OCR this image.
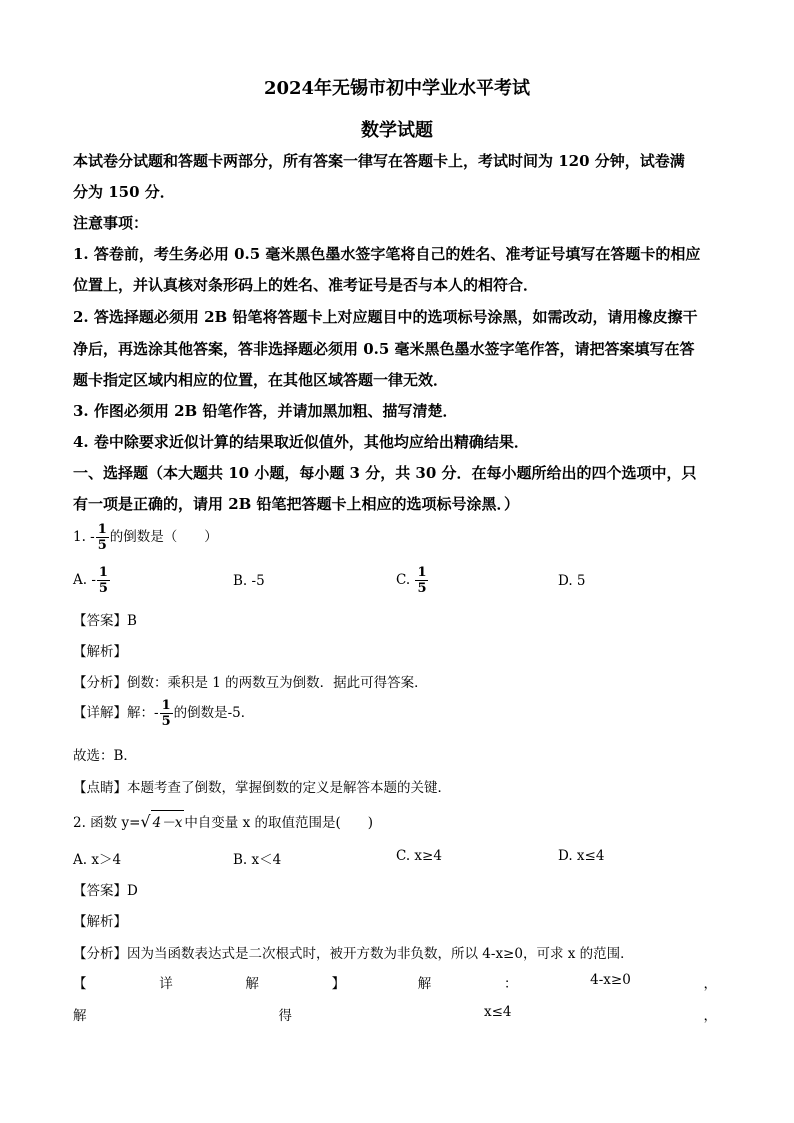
2024年无锡市初中学业水平考试
数学试题
本试卷分试题和答题卡两部分，所有答案一律写在答题卡上，考试时间为 120 分钟，试卷满
分为 150 分．
注意事项：
1. 答卷前，考生务必用 0.5 毫米黑色墨水签字笔将自己的姓名、准考证号填写在答题卡的相应
位置上，并认真核对条形码上的姓名、准考证号是否与本人的相符合．
2. 答选择题必须用 2B 铅笔将答题卡上对应题目中的选项标号涂黑，如需改动，请用橡皮擦干
净后，再选涂其他答案，答非选择题必须用 0.5 毫米黑色墨水签字笔作答，请把答案填写在答
题卡指定区域内相应的位置，在其他区域答题一律无效．
3. 作图必须用 2B 铅笔作答，并请加黑加粗、描写清楚．
4. 卷中除要求近似计算的结果取近似值外，其他均应给出精确结果．
一、选择题（本大题共 10 小题，每小题 3 分，共 30 分．在每小题所给出的四个选项中，只
有一项是正确的，请用 2B 铅笔把答题卡上相应的选项标号涂黑．）
1. - $\frac{1}{5}$ 的倒数是（　　）
A. - $\frac{1}{5}$	B. -5	C. $\frac{1}{5}$	D. 5
【答案】B
【解析】
【分析】倒数：乘积是 1 的两数互为倒数．据此可得答案．
【详解】解：- $\frac{1}{5}$ 的倒数是-5．
故选：B．
【点睛】本题考查了倒数，掌握倒数的定义是解答本题的关键．
2. 函数 y=√ 4－x 中自变量 x 的取值范围是(　　)
A. x＞4	B. x＜4	C. x≥4	D. x≤4
【答案】D
【解析】
【分析】因为当函数表达式是二次根式时，被开方数为非负数，所以 4-x≥0，可求 x 的范围．
【	详	解	】	解	：	4-x≥0	，
解	得	x≤4	，
